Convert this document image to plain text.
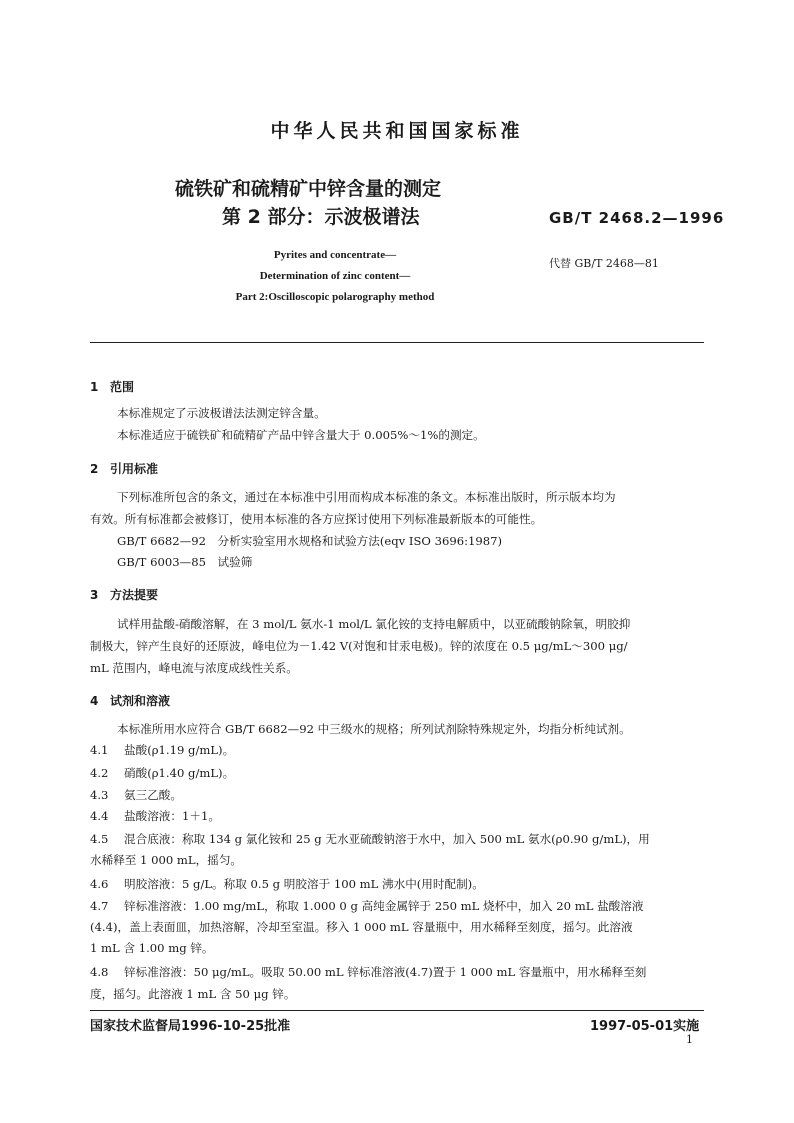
中华人民共和国国家标准
硫铁矿和硫精矿中锌含量的测定
第 2 部分：示波极谱法	GB/T 2468.2—1996
代替 GB/T 2468—81
Pyrites and concentrate—
Determination of zinc content—
Part 2:Oscilloscopic polarography method
1 范围
本标准规定了示波极谱法法测定锌含量。
本标准适应于硫铁矿和硫精矿产品中锌含量大于 0.005%～1%的测定。
2 引用标准
下列标准所包含的条文，通过在本标准中引用而构成本标准的条文。本标准出版时，所示版本均为
有效。所有标准都会被修订，使用本标准的各方应探讨使用下列标准最新版本的可能性。
GB/T 6682—92　分析实验室用水规格和试验方法(eqv ISO 3696:1987)
GB/T 6003—85　试验筛
3 方法提要
试样用盐酸-硝酸溶解，在 3 mol/L 氨水-1 mol/L 氯化铵的支持电解质中，以亚硫酸钠除氧，明胶抑
制极大，锌产生良好的还原波，峰电位为－1.42 V(对饱和甘汞电极)。锌的浓度在 0.5 μg/mL～300 μg/
mL 范围内，峰电流与浓度成线性关系。
4 试剂和溶液
本标准所用水应符合 GB/T 6682—92 中三级水的规格；所列试剂除特殊规定外，均指分析纯试剂。
4.1 盐酸(ρ1.19 g/mL)。
4.2 硝酸(ρ1.40 g/mL)。
4.3 氨三乙酸。
4.4 盐酸溶液：1＋1。
4.5 混合底液：称取 134 g 氯化铵和 25 g 无水亚硫酸钠溶于水中，加入 500 mL 氨水(ρ0.90 g/mL)，用
水稀释至 1 000 mL，摇匀。
4.6 明胶溶液：5 g/L。称取 0.5 g 明胶溶于 100 mL 沸水中(用时配制)。
4.7 锌标准溶液：1.00 mg/mL，称取 1.000 0 g 高纯金属锌于 250 mL 烧杯中，加入 20 mL 盐酸溶液
(4.4)，盖上表面皿，加热溶解，冷却至室温。移入 1 000 mL 容量瓶中，用水稀释至刻度，摇匀。此溶液
1 mL 含 1.00 mg 锌。
4.8 锌标准溶液：50 μg/mL。吸取 50.00 mL 锌标准溶液(4.7)置于 1 000 mL 容量瓶中，用水稀释至刻
度，摇匀。此溶液 1 mL 含 50 μg 锌。
国家技术监督局1996-10-25批准	1997-05-01实施
1
